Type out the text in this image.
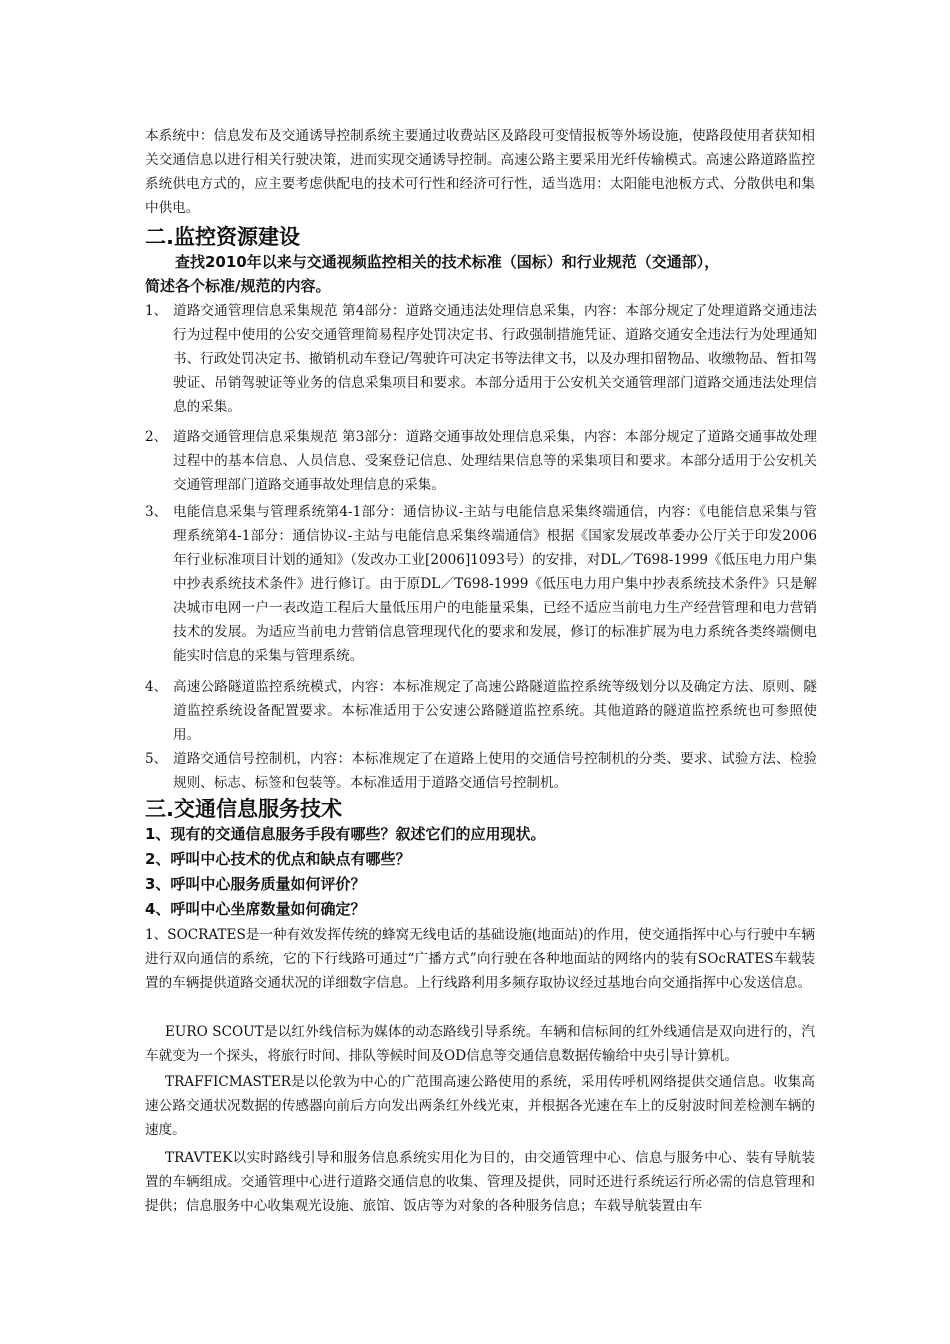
本系统中：信息发布及交通诱导控制系统主要通过收费站区及路段可变情报板等外场设施，使路段使用者获知相关交通信息以进行相关行驶决策，进而实现交通诱导控制。高速公路主要采用光纤传输模式。高速公路道路监控系统供电方式的，应主要考虑供配电的技术可行性和经济可行性，适当选用：太阳能电池板方式、分散供电和集中供电。

二.监控资源建设

查找2010年以来与交通视频监控相关的技术标准（国标）和行业规范（交通部），

简述各个标准/规范的内容。

1、 道路交通管理信息采集规范 第4部分：道路交通违法处理信息采集，内容：本部分规定了处理道路交通违法行为过程中使用的公安交通管理简易程序处罚决定书、行政强制措施凭证、道路交通安全违法行为处理通知书、行政处罚决定书、撤销机动车登记/驾驶许可决定书等法律文书，以及办理扣留物品、收缴物品、暂扣驾驶证、吊销驾驶证等业务的信息采集项目和要求。本部分适用于公安机关交通管理部门道路交通违法处理信息的采集。
2、 道路交通管理信息采集规范 第3部分：道路交通事故处理信息采集，内容：本部分规定了道路交通事故处理过程中的基本信息、人员信息、受案登记信息、处理结果信息等的采集项目和要求。本部分适用于公安机关交通管理部门道路交通事故处理信息的采集。
3、 电能信息采集与管理系统第4-1部分：通信协议-主站与电能信息采集终端通信，内容：《电能信息采集与管理系统第4-1部分：通信协议-主站与电能信息采集终端通信》根据《国家发展改革委办公厅关于印发2006年行业标准项目计划的通知》（发改办工业[2006]1093号）的安排，对DL／T698-1999《低压电力用户集中抄表系统技术条件》进行修订。由于原DL／T698-1999《低压电力用户集中抄表系统技术条件》只是解决城市电网一户一表改造工程后大量低压用户的电能量采集，已经不适应当前电力生产经营管理和电力营销技术的发展。为适应当前电力营销信息管理现代化的要求和发展，修订的标准扩展为电力系统各类终端侧电能实时信息的采集与管理系统。
4、 高速公路隧道监控系统模式，内容：本标准规定了高速公路隧道监控系统等级划分以及确定方法、原则、隧道监控系统设备配置要求。本标准适用于公安速公路隧道监控系统。其他道路的隧道监控系统也可参照使用。
5、 道路交通信号控制机，内容：本标准规定了在道路上使用的交通信号控制机的分类、要求、试验方法、检验规则、标志、标签和包装等。本标准适用于道路交通信号控制机。
三.交通信息服务技术

1、现有的交通信息服务手段有哪些？叙述它们的应用现状。

2、呼叫中心技术的优点和缺点有哪些？

3、呼叫中心服务质量如何评价？

4、呼叫中心坐席数量如何确定？

1、SOCRATES是一种有效发挥传统的蜂窝无线电话的基础设施(地面站)的作用，使交通指挥中心与行驶中车辆进行双向通信的系统，它的下行线路可通过“广播方式”向行驶在各种地面站的网络内的装有SOcRATES车载装置的车辆提供道路交通状况的详细数字信息。上行线路利用多频存取协议经过基地台向交通指挥中心发送信息。

EURO SCOUT是以红外线信标为媒体的动态路线引导系统。车辆和信标间的红外线通信是双向进行的，汽车就变为一个探头，将旅行时间、排队等候时间及OD信息等交通信息数据传输给中央引导计算机。

TRAFFICMASTER是以伦敦为中心的广范围高速公路使用的系统，采用传呼机网络提供交通信息。收集高速公路交通状况数据的传感器向前后方向发出两条红外线光束，并根据各光速在车上的反射波时间差检测车辆的速度。

TRAVTEK以实时路线引导和服务信息系统实用化为目的，由交通管理中心、信息与服务中心、装有导航装置的车辆组成。交通管理中心进行道路交通信息的收集、管理及提供，同时还进行系统运行所必需的信息管理和提供；信息服务中心收集观光设施、旅馆、饭店等为对象的各种服务信息；车载导航装置由车
